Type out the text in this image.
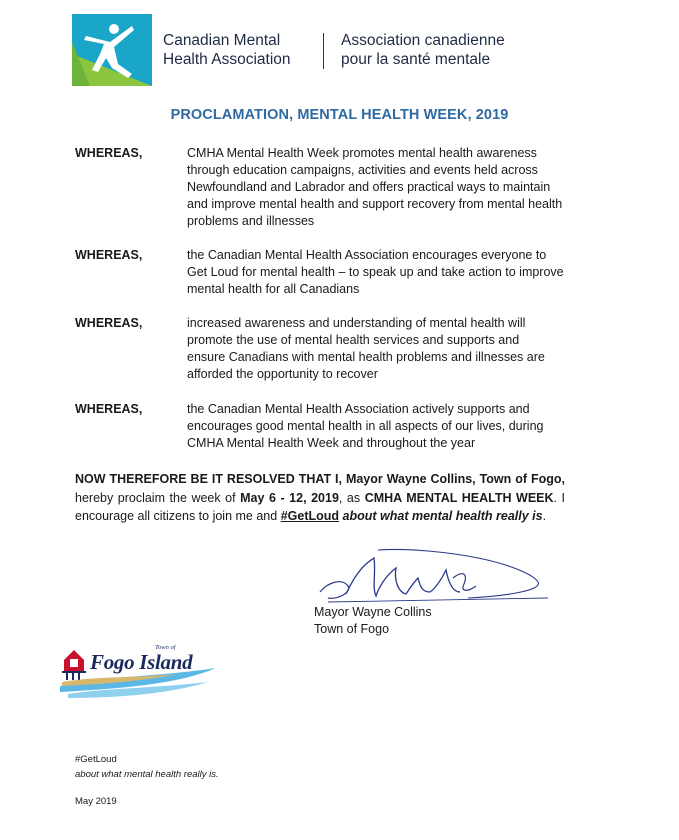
Canadian Mental
Health Association
Association canadienne
pour la santé mentale
PROCLAMATION, MENTAL HEALTH WEEK, 2019
WHEREAS,	CMHA Mental Health Week promotes mental health awareness
through education campaigns, activities and events held across
Newfoundland and Labrador and offers practical ways to maintain
and improve mental health and support recovery from mental health
problems and illnesses
WHEREAS,	the Canadian Mental Health Association encourages everyone to
Get Loud for mental health – to speak up and take action to improve
mental health for all Canadians
WHEREAS,	increased awareness and understanding of mental health will
promote the use of mental health services and supports and
ensure Canadians with mental health problems and illnesses are
afforded the opportunity to recover
WHEREAS,	the Canadian Mental Health Association actively supports and
encourages good mental health in all aspects of our lives, during
CMHA Mental Health Week and throughout the year
NOW THEREFORE BE IT RESOLVED THAT I, Mayor Wayne Collins, Town of Fogo, hereby proclaim the week of May 6 - 12, 2019, as CMHA MENTAL HEALTH WEEK. I encourage all citizens to join me and #GetLoud about what mental health really is.
Mayor Wayne Collins
Town of Fogo
Town of
Fogo Island
#GetLoud
about what mental health really is.
May 2019
